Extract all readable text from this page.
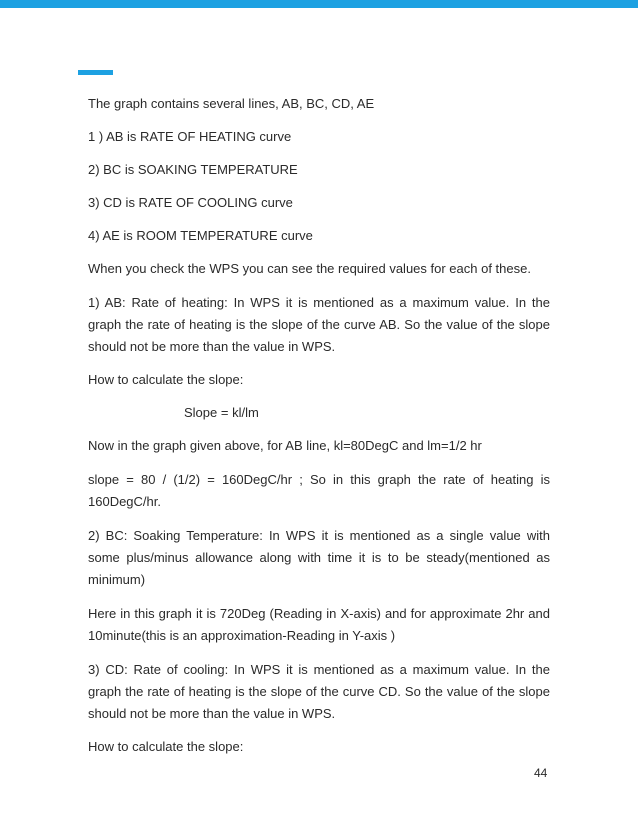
The graph contains several lines, AB, BC, CD, AE

1 ) AB is RATE OF HEATING curve

2) BC is SOAKING TEMPERATURE

3) CD is RATE OF COOLING curve

4) AE is ROOM TEMPERATURE curve

When you check the WPS you can see the required values for each of these.

1) AB: Rate of heating: In WPS it is mentioned as a maximum value. In the graph the rate of heating is the slope of the curve AB. So the value of the slope should not be more than the value in WPS.

How to calculate the slope:

Slope = kl/lm

Now in the graph given above, for AB line, kl=80DegC and lm=1/2 hr

slope = 80 / (1/2) = 160DegC/hr ; So in this graph the rate of heating is 160DegC/hr.

2) BC: Soaking Temperature: In WPS it is mentioned as a single value with some plus/minus allowance along with time it is to be steady(mentioned as minimum)

Here in this graph it is 720Deg (Reading in X-axis) and for approximate 2hr and 10minute(this is an approximation-Reading in Y-axis )

3) CD: Rate of cooling: In WPS it is mentioned as a maximum value. In the graph the rate of heating is the slope of the curve CD. So the value of the slope should not be more than the value in WPS.

How to calculate the slope:

44
